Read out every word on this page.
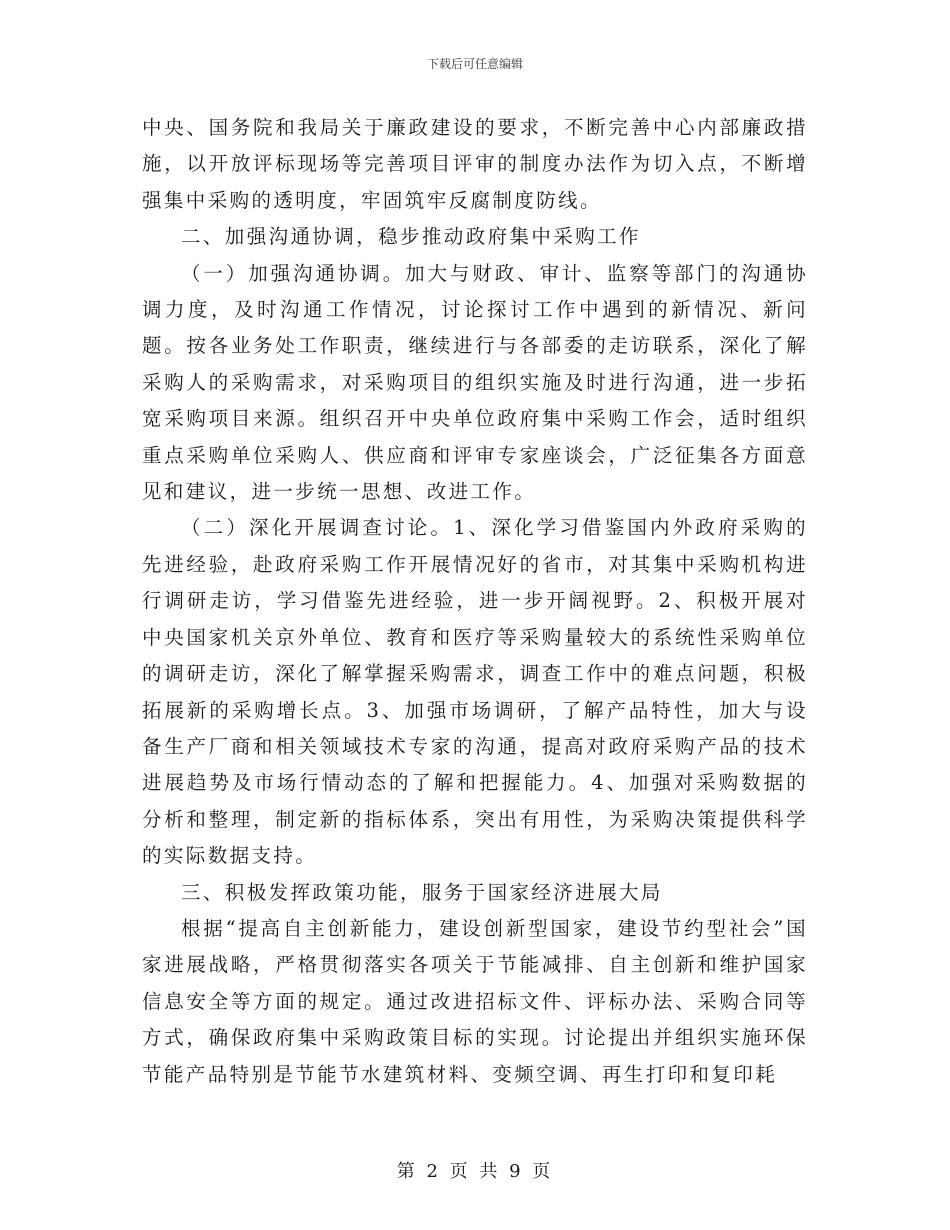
下载后可任意编辑

中央、国务院和我局关于廉政建设的要求，不断完善中心内部廉政措施，以开放评标现场等完善项目评审的制度办法作为切入点，不断增强集中采购的透明度，牢固筑牢反腐制度防线。

二、加强沟通协调，稳步推动政府集中采购工作

（一）加强沟通协调。加大与财政、审计、监察等部门的沟通协调力度，及时沟通工作情况，讨论探讨工作中遇到的新情况、新问题。按各业务处工作职责，继续进行与各部委的走访联系，深化了解采购人的采购需求，对采购项目的组织实施及时进行沟通，进一步拓宽采购项目来源。组织召开中央单位政府集中采购工作会，适时组织重点采购单位采购人、供应商和评审专家座谈会，广泛征集各方面意见和建议，进一步统一思想、改进工作。

（二）深化开展调查讨论。1、深化学习借鉴国内外政府采购的先进经验，赴政府采购工作开展情况好的省市，对其集中采购机构进行调研走访，学习借鉴先进经验，进一步开阔视野。2、积极开展对中央国家机关京外单位、教育和医疗等采购量较大的系统性采购单位的调研走访，深化了解掌握采购需求，调查工作中的难点问题，积极拓展新的采购增长点。3、加强市场调研，了解产品特性，加大与设备生产厂商和相关领域技术专家的沟通，提高对政府采购产品的技术进展趋势及市场行情动态的了解和把握能力。4、加强对采购数据的分析和整理，制定新的指标体系，突出有用性，为采购决策提供科学的实际数据支持。

三、积极发挥政策功能，服务于国家经济进展大局

根据“提高自主创新能力，建设创新型国家，建设节约型社会”国家进展战略，严格贯彻落实各项关于节能减排、自主创新和维护国家信息安全等方面的规定。通过改进招标文件、评标办法、采购合同等方式，确保政府集中采购政策目标的实现。讨论提出并组织实施环保节能产品特别是节能节水建筑材料、变频空调、再生打印和复印耗

第 2 页 共 9 页
